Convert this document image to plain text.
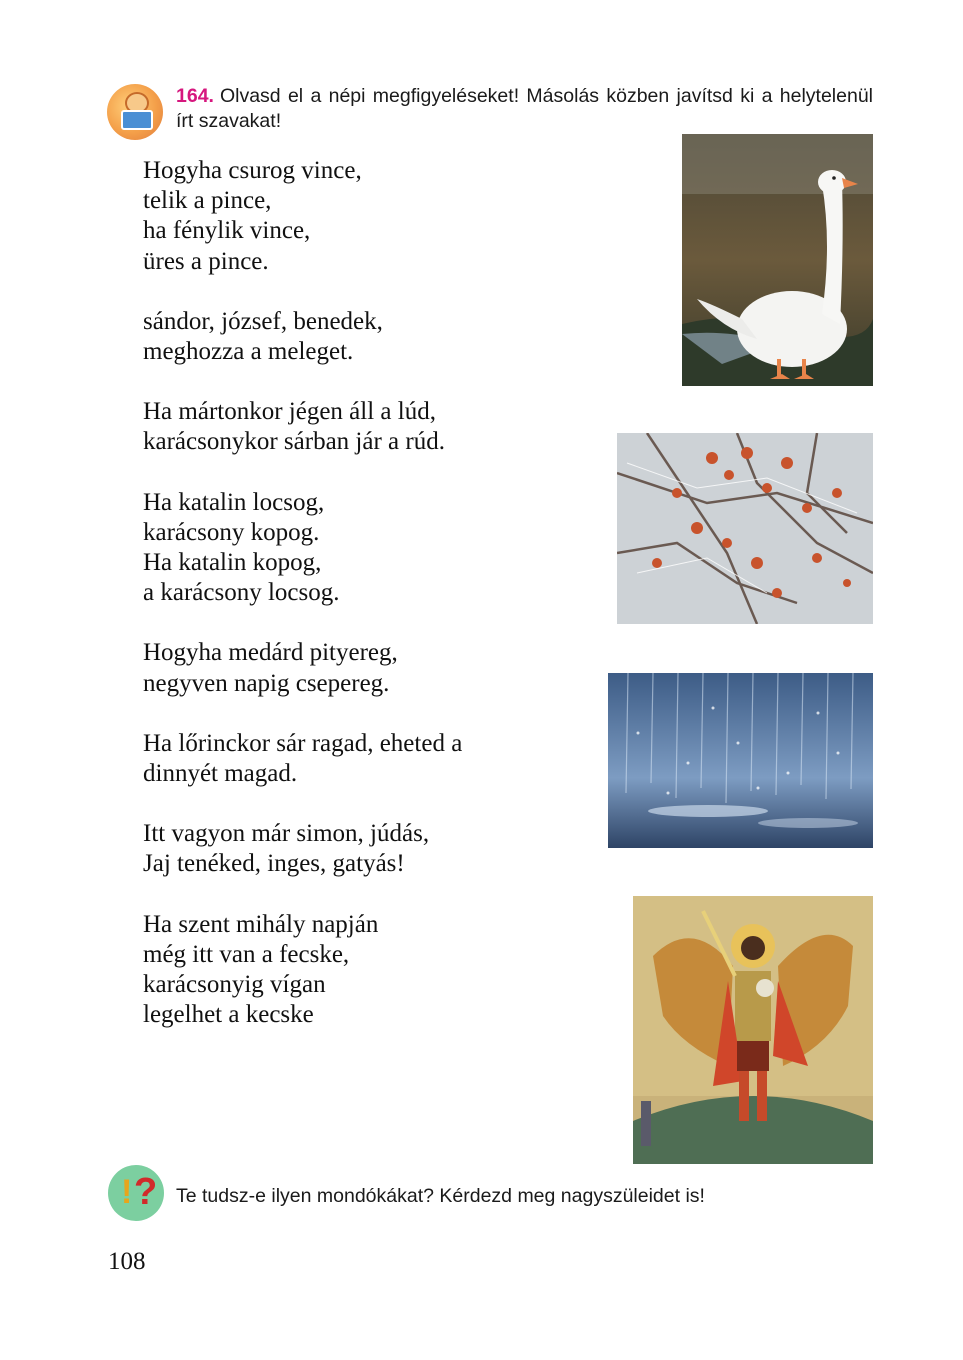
164. Olvasd el a népi megfigyeléseket! Másolás közben javítsd ki a helytelenül írt szavakat!
Hogyha csurog vince,
telik a pince,
ha fénylik vince,
üres a pince.
sándor, józsef, benedek,
meghozza a meleget.
Ha mártonkor jégen áll a lúd,
karácsonykor sárban jár a rúd.
Ha katalin locsog,
karácsony kopog.
Ha katalin kopog,
a karácsony locsog.
Hogyha medárd pityereg,
negyven napig csepereg.
Ha lőrinckor sár ragad, eheted a
dinnyét magad.
Itt vagyon már simon, júdás,
Jaj tenéked, inges, gatyás!
Ha szent mihály napján
még itt van a fecske,
karácsonyig vígan
legelhet a kecske
! ? Te tudsz-e ilyen mondókákat? Kérdezd meg nagyszüleidet is!
108
